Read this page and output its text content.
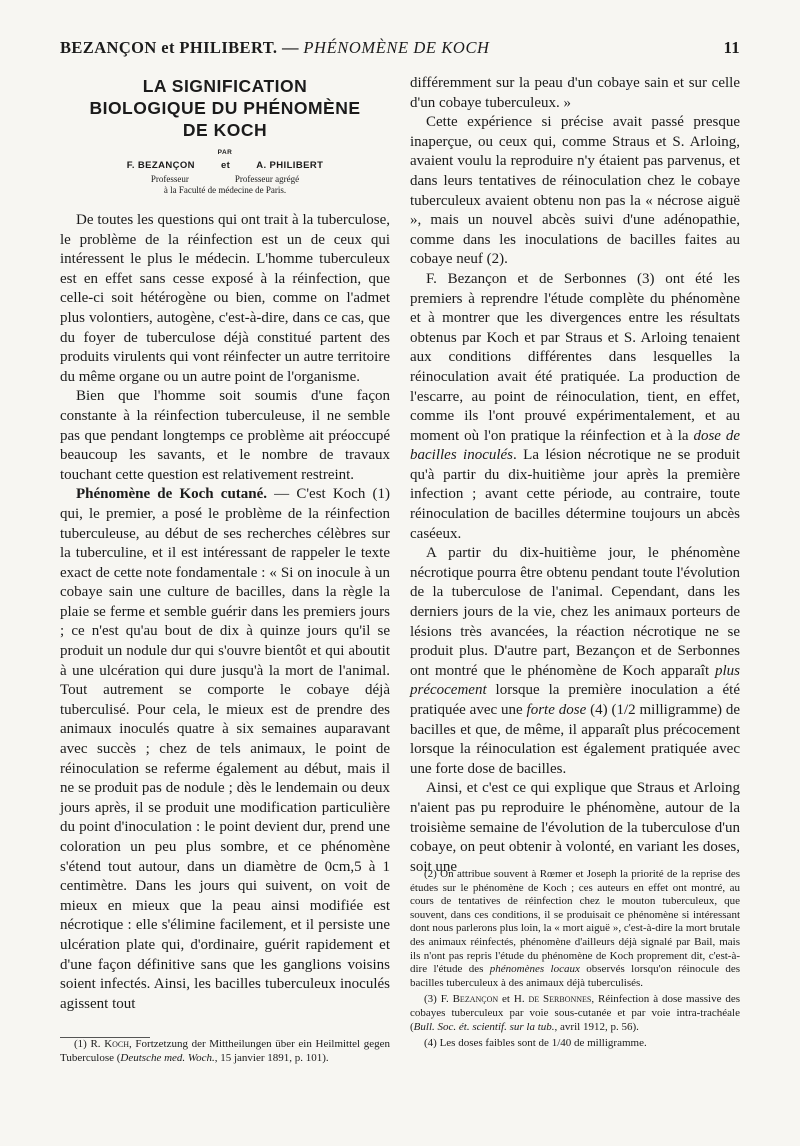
BEZANÇON et PHILIBERT. — PHÉNOMÈNE DE KOCH	11
LA SIGNIFICATION
BIOLOGIQUE DU PHÉNOMÈNE
DE KOCH
PAR
F. BEZANÇON	et	A. PHILIBERT
Professeur	Professeur agrégé
à la Faculté de médecine de Paris.

De toutes les questions qui ont trait à la tuberculose, le problème de la réinfection est un de ceux qui intéressent le plus le médecin. L'homme tuberculeux est en effet sans cesse exposé à la réinfection, que celle-ci soit hétérogène ou bien, comme on l'admet plus volontiers, autogène, c'est-à-dire, dans ce cas, que du foyer de tuberculose déjà constitué partent des produits virulents qui vont réinfecter un autre territoire du même organe ou un autre point de l'organisme.

Bien que l'homme soit soumis d'une façon constante à la réinfection tuberculeuse, il ne semble pas que pendant longtemps ce problème ait préoccupé beaucoup les savants, et le nombre de travaux touchant cette question est relativement restreint.

Phénomène de Koch cutané. — C'est Koch (1) qui, le premier, a posé le problème de la réinfection tuberculeuse, au début de ses recherches célèbres sur la tuberculine, et il est intéressant de rappeler le texte exact de cette note fondamentale : « Si on inocule à un cobaye sain une culture de bacilles, dans la règle la plaie se ferme et semble guérir dans les premiers jours ; ce n'est qu'au bout de dix à quinze jours qu'il se produit un nodule dur qui s'ouvre bientôt et qui aboutit à une ulcération qui dure jusqu'à la mort de l'animal. Tout autrement se comporte le cobaye déjà tuberculisé. Pour cela, le mieux est de prendre des animaux inoculés quatre à six semaines auparavant avec succès ; chez de tels animaux, le point de réinoculation se referme également au début, mais il ne se produit pas de nodule ; dès le lendemain ou deux jours après, il se produit une modification particulière du point d'inoculation : le point devient dur, prend une coloration un peu plus sombre, et ce phénomène s'étend tout autour, dans un diamètre de 0cm,5 à 1 centimètre. Dans les jours qui suivent, on voit de mieux en mieux que la peau ainsi modifiée est nécrotique : elle s'élimine facilement, et il persiste une ulcération plate qui, d'ordinaire, guérit rapidement et d'une façon définitive sans que les ganglions voisins soient infectés. Ainsi, les bacilles tuberculeux inoculés agissent tout

(1) R. Koch, Fortzetzung der Mittheilungen über ein Heilmittel gegen Tuberculose (Deutsche med. Woch., 15 janvier 1891, p. 101).

différemment sur la peau d'un cobaye sain et sur celle d'un cobaye tuberculeux. »

Cette expérience si précise avait passé presque inaperçue, ou ceux qui, comme Straus et S. Arloing, avaient voulu la reproduire n'y étaient pas parvenus, et dans leurs tentatives de réinoculation chez le cobaye tuberculeux avaient obtenu non pas la « nécrose aiguë », mais un nouvel abcès suivi d'une adénopathie, comme dans les inoculations de bacilles faites au cobaye neuf (2).

F. Bezançon et de Serbonnes (3) ont été les premiers à reprendre l'étude complète du phénomène et à montrer que les divergences entre les résultats obtenus par Koch et par Straus et S. Arloing tenaient aux conditions différentes dans lesquelles la réinoculation avait été pratiquée. La production de l'escarre, au point de réinoculation, tient, en effet, comme ils l'ont prouvé expérimentalement, et au moment où l'on pratique la réinfection et à la dose de bacilles inoculés. La lésion nécrotique ne se produit qu'à partir du dix-huitième jour après la première infection ; avant cette période, au contraire, toute réinoculation de bacilles détermine toujours un abcès caséeux.

A partir du dix-huitième jour, le phénomène nécrotique pourra être obtenu pendant toute l'évolution de la tuberculose de l'animal. Cependant, dans les derniers jours de la vie, chez les animaux porteurs de lésions très avancées, la réaction nécrotique ne se produit plus. D'autre part, Bezançon et de Serbonnes ont montré que le phénomène de Koch apparaît plus précocement lorsque la première inoculation a été pratiquée avec une forte dose (4) (1/2 milligramme) de bacilles et que, de même, il apparaît plus précocement lorsque la réinoculation est également pratiquée avec une forte dose de bacilles.

Ainsi, et c'est ce qui explique que Straus et Arloing n'aient pas pu reproduire le phénomène, autour de la troisième semaine de l'évolution de la tuberculose d'un cobaye, on peut obtenir à volonté, en variant les doses, soit une

(2) On attribue souvent à Rœmer et Joseph la priorité de la reprise des études sur le phénomène de Koch ; ces auteurs en effet ont montré, au cours de tentatives de réinfection chez le mouton tuberculeux, que souvent, dans ces conditions, il se produisait ce phénomène si intéressant dont nous parlerons plus loin, la « mort aiguë », c'est-à-dire la mort brutale des animaux réinfectés, phénomène d'ailleurs déjà signalé par Bail, mais ils n'ont pas repris l'étude du phénomène de Koch proprement dit, c'est-à-dire l'étude des phénomènes locaux observés lorsqu'on réinocule des bacilles tuberculeux à des animaux déjà tuberculisés.

(3) F. Bezançon et H. de Serbonnes, Réinfection à dose massive des cobayes tuberculeux par voie sous-cutanée et par voie intra-trachéale (Bull. Soc. ét. scientif. sur la tub., avril 1912, p. 56).

(4) Les doses faibles sont de 1/40 de milligramme.
